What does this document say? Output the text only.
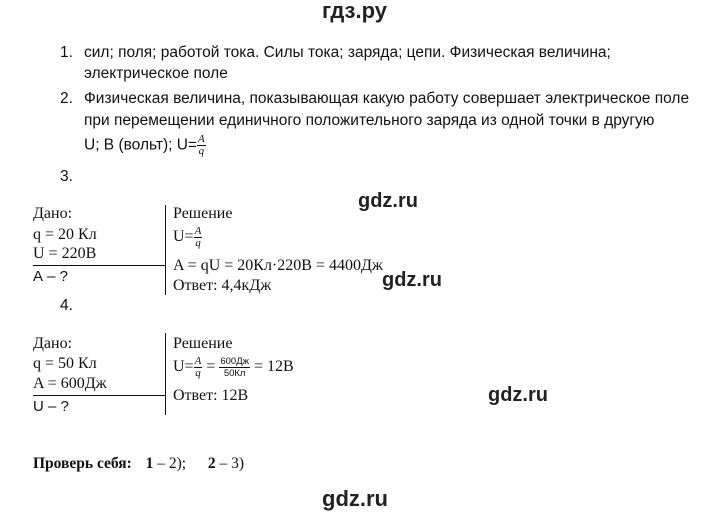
гдз.ру
1. сил; поля; работой тока. Силы тока; заряда; цепи. Физическая величина;
электрическое поле
2. Физическая величина, показывающая какую работу совершает электрическое поле
при перемещении единичного положительного заряда из одной точки в другую
U; В (вольт); $U= \frac{A}{q}$
3.
gdz.ru
Дано:
q = 20 Кл
U = 220В
А – ?
Решение
$U= \frac{A}{q}$
A = qU = 20Кл·220В = 4400Дж
gdz.ru
Ответ: 4,4кДж
4.
Дано:
q = 50 Кл
A = 600Дж
U – ?
Решение
$U= \frac{A}{q} = \frac{600Дж}{50Кл} = 12В$
Ответ: 12В	gdz.ru
Проверь себя: 1 – 2); 2 – 3)
gdz.ru
